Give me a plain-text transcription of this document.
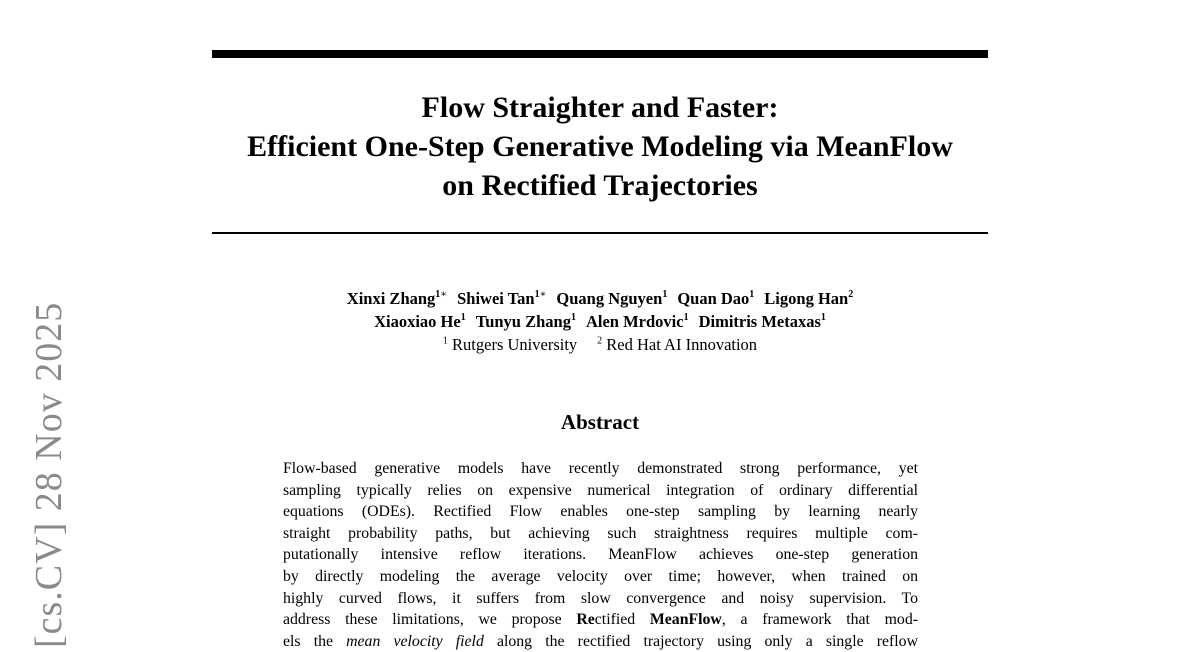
[cs.CV] 28 Nov 2025
Flow Straighter and Faster:
Efficient One-Step Generative Modeling via MeanFlow
on Rectified Trajectories
Xinxi Zhang$^{1∗}$ Shiwei Tan$^{1∗}$ Quang Nguyen$^1$ Quan Dao$^1$ Ligong Han$^2$
Xiaoxiao He$^1$ Tunyu Zhang$^1$ Alen Mrdovic$^1$ Dimitris Metaxas$^1$
$^1$ Rutgers University $^2$ Red Hat AI Innovation
Abstract
Flow-based generative models have recently demonstrated strong performance, yet
sampling typically relies on expensive numerical integration of ordinary differential
equations (ODEs). Rectified Flow enables one-step sampling by learning nearly
straight probability paths, but achieving such straightness requires multiple com-
putationally intensive reflow iterations. MeanFlow achieves one-step generation
by directly modeling the average velocity over time; however, when trained on
highly curved flows, it suffers from slow convergence and noisy supervision. To
address these limitations, we propose Rectified MeanFlow, a framework that mod-
els the mean velocity field along the rectified trajectory using only a single reflow
